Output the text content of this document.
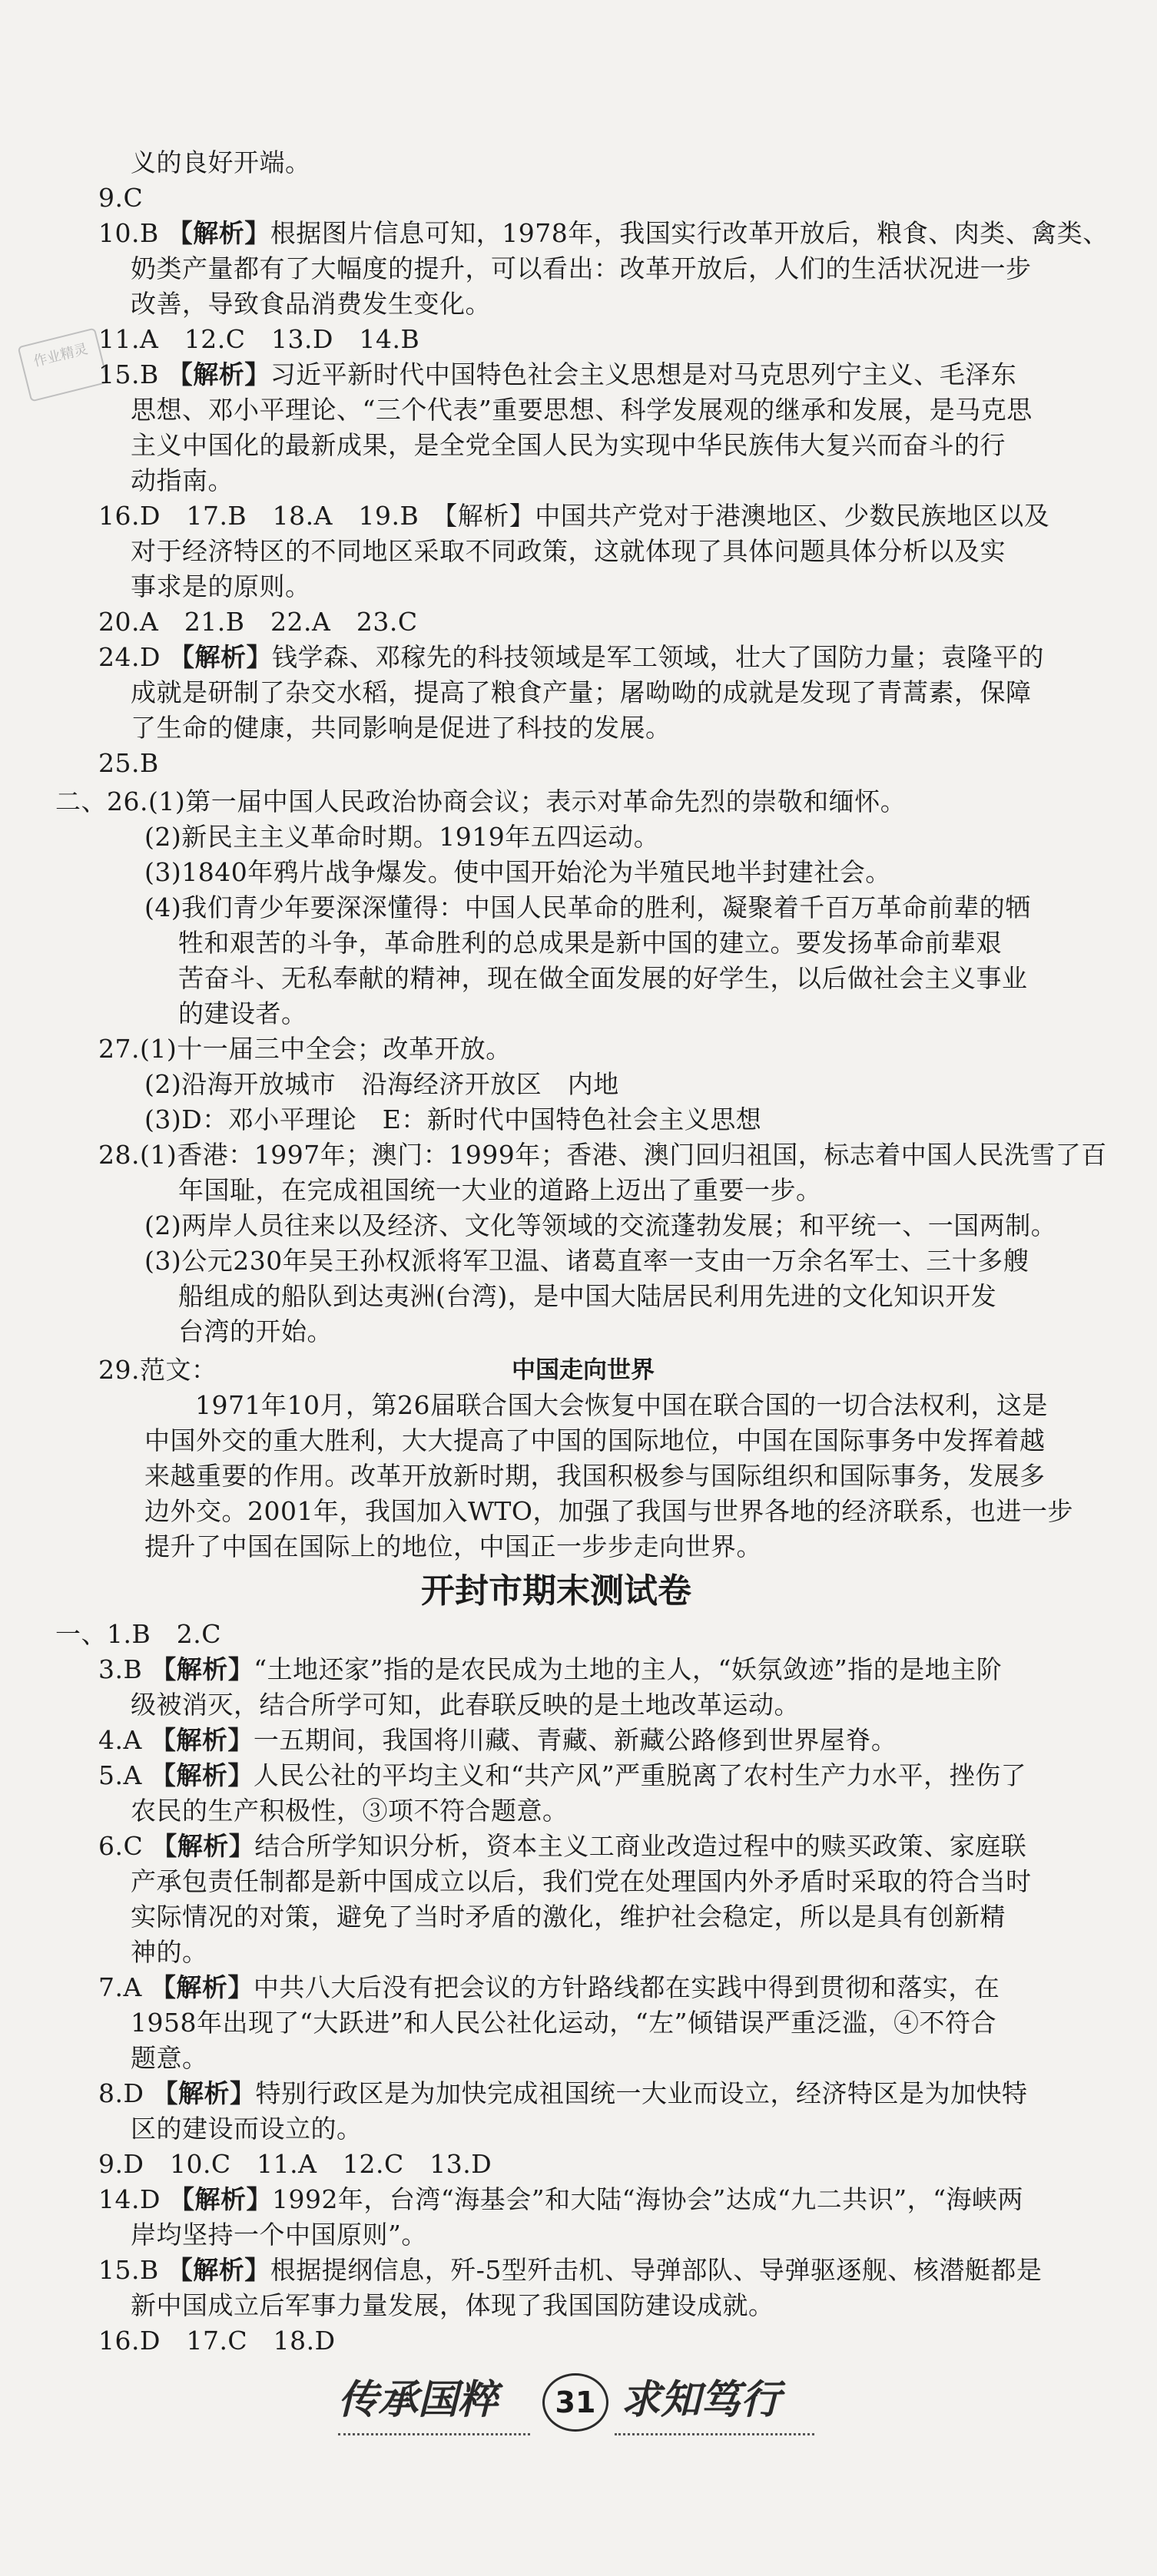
作业精灵
义的良好开端。
9.C
10.B 【解析】根据图片信息可知，1978年，我国实行改革开放后，粮食、肉类、禽类、
奶类产量都有了大幅度的提升，可以看出：改革开放后，人们的生活状况进一步
改善，导致食品消费发生变化。
11.A　 12.C　13.D　14.B
15.B 【解析】习近平新时代中国特色社会主义思想是对马克思列宁主义、毛泽东
思想、邓小平理论、“三个代表”重要思想、科学发展观的继承和发展，是马克思
主义中国化的最新成果，是全党全国人民为实现中华民族伟大复兴而奋斗的行
动指南。
16.D　 17.B　18.A　19.B　【解析】中国共产党对于港澳地区、少数民族地区以及
对于经济特区的不同地区采取不同政策，这就体现了具体问题具体分析以及实
事求是的原则。
20.A　 21.B　22.A　23.C
24.D 【解析】钱学森、邓稼先的科技领域是军工领域，壮大了国防力量；袁隆平的
成就是研制了杂交水稻，提高了粮食产量；屠呦呦的成就是发现了青蒿素，保障
了生命的健康，共同影响是促进了科技的发展。
25.B
二、26.(1)第一届中国人民政治协商会议；表示对革命先烈的崇敬和缅怀。
(2)新民主主义革命时期。1919年五四运动。
(3)1840年鸦片战争爆发。使中国开始沦为半殖民地半封建社会。
(4)我们青少年要深深懂得：中国人民革命的胜利，凝聚着千百万革命前辈的牺
牲和艰苦的斗争，革命胜利的总成果是新中国的建立。要发扬革命前辈艰
苦奋斗、无私奉献的精神，现在做全面发展的好学生，以后做社会主义事业
的建设者。
27.(1)十一届三中全会；改革开放。
(2)沿海开放城市　沿海经济开放区　内地
(3)D：邓小平理论　E：新时代中国特色社会主义思想
28.(1)香港：1997年；澳门：1999年；香港、澳门回归祖国，标志着中国人民洗雪了百
年国耻，在完成祖国统一大业的道路上迈出了重要一步。
(2)两岸人员往来以及经济、文化等领域的交流蓬勃发展；和平统一、一国两制。
(3)公元230年吴王孙权派将军卫温、诸葛直率一支由一万余名军士、三十多艘
船组成的船队到达夷洲(台湾)，是中国大陆居民利用先进的文化知识开发
台湾的开始。
29.范文：	中国走向世界
1971年10月，第26届联合国大会恢复中国在联合国的一切合法权利，这是
中国外交的重大胜利，大大提高了中国的国际地位，中国在国际事务中发挥着越
来越重要的作用。改革开放新时期，我国积极参与国际组织和国际事务，发展多
边外交。2001年，我国加入WTO，加强了我国与世界各地的经济联系，也进一步
提升了中国在国际上的地位，中国正一步步走向世界。
开封市期末测试卷
一、1.B　 2.C
3.B 【解析】“土地还家”指的是农民成为土地的主人，“妖氛敛迹”指的是地主阶
级被消灭，结合所学可知，此春联反映的是土地改革运动。
4.A 【解析】一五期间，我国将川藏、青藏、新藏公路修到世界屋脊。
5.A 【解析】人民公社的平均主义和“共产风”严重脱离了农村生产力水平，挫伤了
农民的生产积极性，③项不符合题意。
6.C 【解析】结合所学知识分析，资本主义工商业改造过程中的赎买政策、家庭联
产承包责任制都是新中国成立以后，我们党在处理国内外矛盾时采取的符合当时
实际情况的对策，避免了当时矛盾的激化，维护社会稳定，所以是具有创新精
神的。
7.A 【解析】中共八大后没有把会议的方针路线都在实践中得到贯彻和落实，在
1958年出现了“大跃进”和人民公社化运动，“左”倾错误严重泛滥，④不符合
题意。
8.D 【解析】特别行政区是为加快完成祖国统一大业而设立，经济特区是为加快特
区的建设而设立的。
9.D　 10.C　11.A　12.C　13.D
14.D 【解析】1992年，台湾“海基会”和大陆“海协会”达成“九二共识”，“海峡两
岸均坚持一个中国原则”。
15.B 【解析】根据提纲信息，歼-5型歼击机、导弹部队、导弹驱逐舰、核潜艇都是
新中国成立后军事力量发展，体现了我国国防建设成就。
16.D　 17.C　18.D
传承国粹	31 求知笃行
